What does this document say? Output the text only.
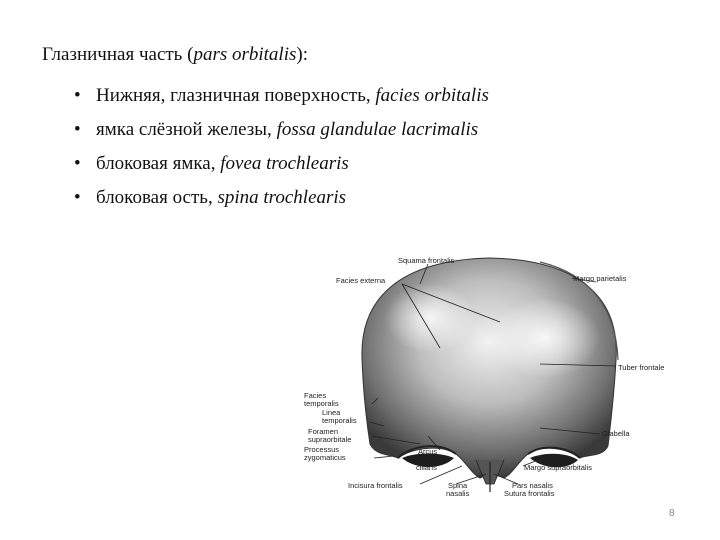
Глазничная часть (pars orbitalis):
• Нижняя, глазничная поверхность, facies orbitalis
• ямка слёзной железы, fossa glandulae lacrimalis
• блоковая ямка, fovea trochlearis
• блоковая ость, spina trochlearis
Squama frontalis
Facies externa	Margo parietalis
Tuber frontale
Facies
temporalis
Linea
temporalis
Foramen
supraorbitale
Processus
zygomaticus
Arcus
super-
ciliaris
Glabella
Margo supraorbitalis
Incisura frontalis	Spina
nasalis
Pars nasalis
Sutura frontalis
8
